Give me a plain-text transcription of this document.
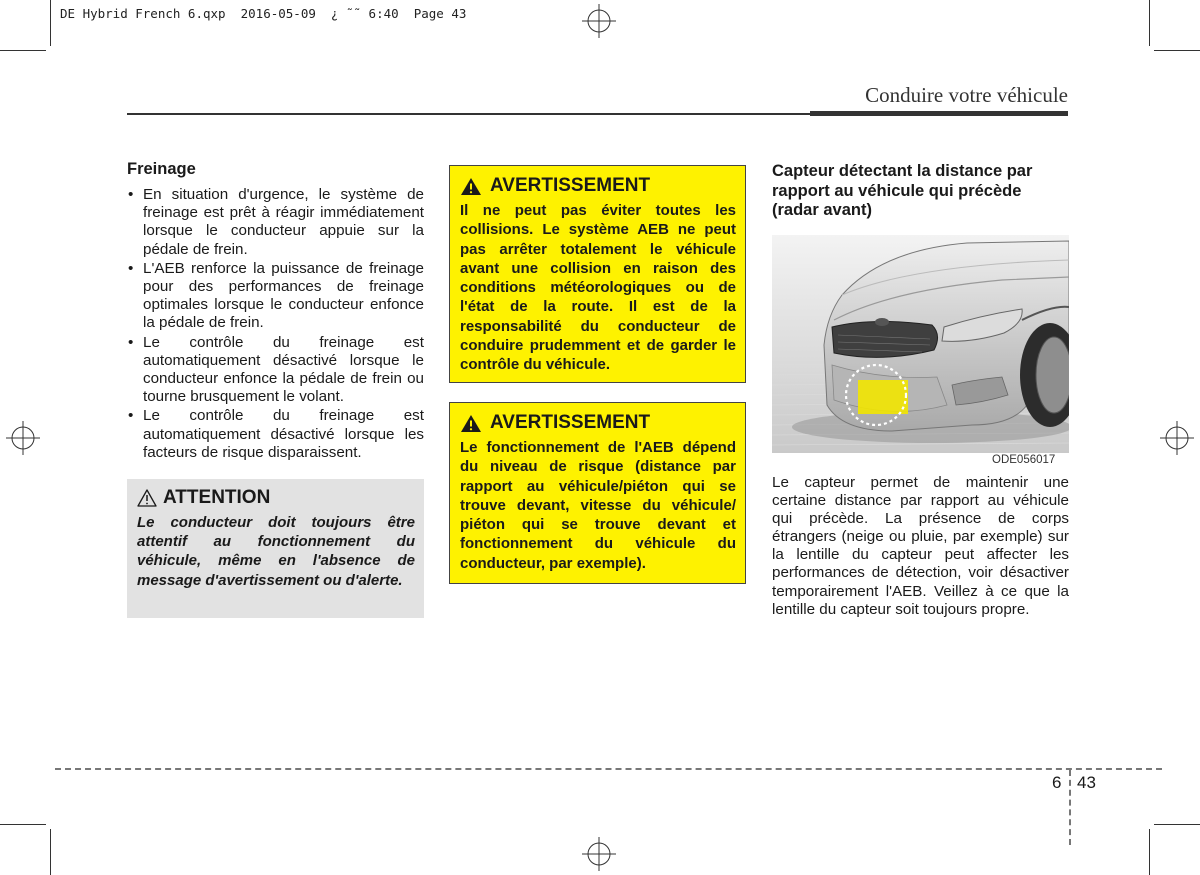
DE Hybrid French 6.qxp  2016-05-09  ¿ ˜˜ 6:40  Page 43
Conduire votre véhicule
Freinage
• En situation d'urgence, le système de freinage est prêt à réagir immédiatement lorsque le conducteur appuie sur la pédale de frein.
• L'AEB renforce la puissance de freinage pour des performances de freinage optimales lorsque le conducteur enfonce la pédale de frein.
• Le contrôle du freinage est automatiquement désactivé lorsque le conducteur enfonce la pédale de frein ou tourne brusquement le volant.
• Le contrôle du freinage est automatiquement désactivé lorsque les facteurs de risque disparaissent.
ATTENTION
Le conducteur doit toujours être attentif au fonctionnement du véhicule, même en l'absence de message d'avertissement ou d'alerte.
AVERTISSEMENT
Il ne peut pas éviter toutes les collisions. Le système AEB ne peut pas arrêter totalement le véhicule avant une collision en raison des conditions météorologiques ou de l'état de la route. Il est de la responsabilité du conducteur de conduire prudemment et de garder le contrôle du véhicule.
AVERTISSEMENT
Le fonctionnement de l'AEB dépend du niveau de risque (distance par rapport au véhicule/piéton qui se trouve devant, vitesse du véhicule/ piéton qui se trouve devant et fonctionnement du véhicule du conducteur, par exemple).
Capteur détectant la distance par rapport au véhicule qui précède (radar avant)
ODE056017
Le capteur permet de maintenir une certaine distance par rapport au véhicule qui précède. La présence de corps étrangers (neige ou pluie, par exemple) sur la lentille du capteur peut affecter les performances de détection, voir désactiver temporairement l'AEB. Veillez à ce que la lentille du capteur soit toujours propre.
6 43
